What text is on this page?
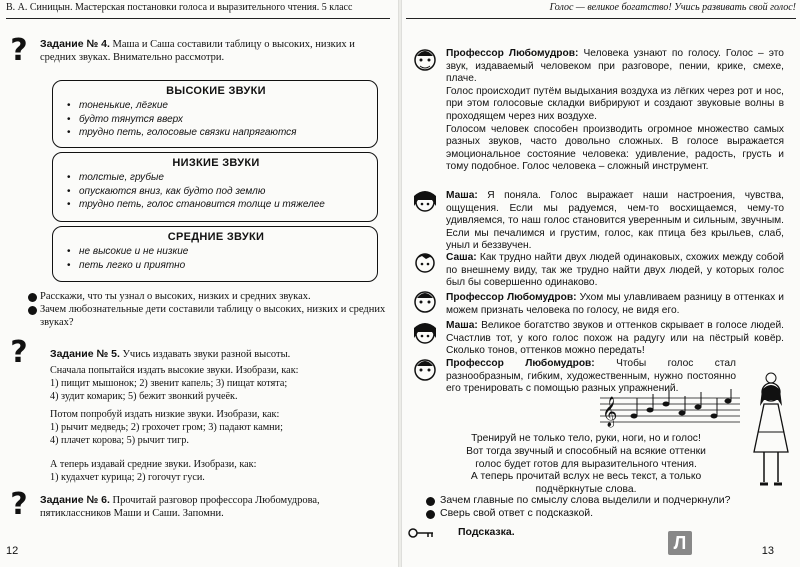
В. А. Синицын. Мастерская постановки голоса и выразительного чтения. 5 класс
? Задание № 4. Маша и Саша составили таблицу о высоких, низких и средних звуках. Внимательно рассмотри.
ВЫСОКИЕ ЗВУКИ
• тоненькие, лёгкие
• будто тянутся вверх
• трудно петь, голосовые связки напрягаются
НИЗКИЕ ЗВУКИ
• толстые, грубые
• опускаются вниз, как будто под землю
• трудно петь, голос становится толще и тяжелее
СРЕДНИЕ ЗВУКИ
• не высокие и не низкие
• петь легко и приятно
Расскажи, что ты узнал о высоких, низких и средних звуках.
Зачем любознательные дети составили таблицу о высоких, низких и средних звуках?
? Задание № 5. Учись издавать звуки разной высоты.
Сначала попытайся издать высокие звуки. Изобрази, как:
1) пищит мышонок; 2) звенит капель; 3) пищат котята;
4) зудит комарик; 5) бежит звонкий ручеёк.
Потом попробуй издать низкие звуки. Изобрази, как:
1) рычит медведь; 2) грохочет гром; 3) падают камни;
4) плачет корова; 5) рычит тигр.
А теперь издавай средние звуки. Изобрази, как:
1) кудахчет курица; 2) гогочут гуси.
? Задание № 6. Прочитай разговор профессора Любомудрова, пятиклассников Маши и Саши. Запомни.
12
Голос — великое богатство! Учись развивать свой голос!
Профессор Любомудров: Человека узнают по голосу. Голос – это звук, издаваемый человеком при разговоре, пении, крике, смехе, плаче.
Голос происходит путём выдыхания воздуха из лёгких через рот и нос, при этом голосовые складки вибрируют и создают звуковые волны в проходящем через них воздухе.
Голосом человек способен производить огромное множество самых разных звуков, часто довольно сложных. В голосе выражается эмоциональное состояние человека: удивление, радость, грусть и тому подобное. Голос человека – сложный инструмент.
Маша: Я поняла. Голос выражает наши настроения, чувства, ощущения. Если мы радуемся, чем-то восхищаемся, чему-то удивляемся, то наш голос становится уверенным и сильным, звучным. Если мы печалимся и грустим, голос, как птица без крыльев, слаб, уныл и беззвучен.
Саша: Как трудно найти двух людей одинаковых, схожих между собой по внешнему виду, так же трудно найти двух людей, у которых голос был бы совершенно одинаково.
Профессор Любомудров: Ухом мы улавливаем разницу в оттенках и можем признать человека по голосу, не видя его.
Маша: Великое богатство звуков и оттенков скрывает в голосе людей. Счастлив тот, у кого голос похож на радугу или на пёстрый ковёр. Сколько тонов, оттенков можно передать!
Профессор Любомудров: Чтобы голос стал разнообразным, гибким, художественным, нужно постоянно его тренировать с помощью разных упражнений.
𝄞
Тренируй не только тело, руки, ноги, но и голос!
Вот тогда звучный и способный на всякие оттенки
голос будет готов для выразительного чтения.
А теперь прочитай вслух не весь текст, а только подчёркнутые слова.
Зачем главные по смыслу слова выделили и подчеркнули?
Сверь свой ответ с подсказкой.
Подсказка.
Л	13
